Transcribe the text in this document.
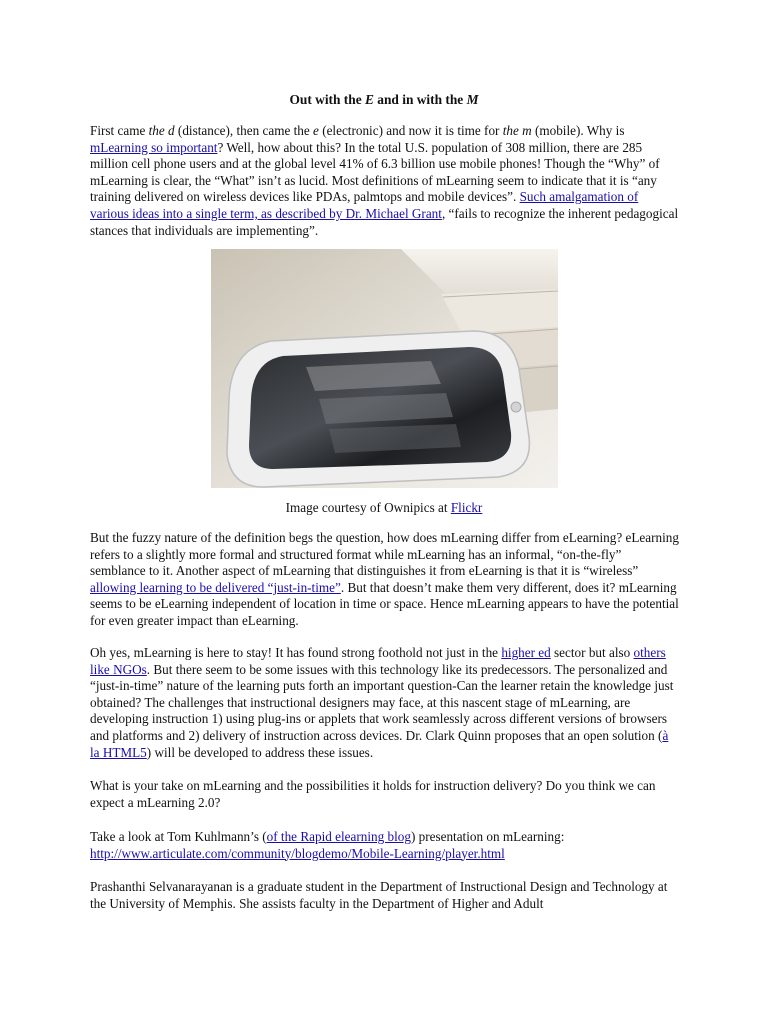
Out with the E and in with the M

First came the d (distance), then came the e (electronic) and now it is time for the m (mobile). Why is mLearning so important? Well, how about this? In the total U.S. population of 308 million, there are 285 million cell phone users and at the global level 41% of 6.3 billion use mobile phones! Though the “Why” of mLearning is clear, the “What” isn’t as lucid. Most definitions of mLearning seem to indicate that it is “any training delivered on wireless devices like PDAs, palmtops and mobile devices”. Such amalgamation of various ideas into a single term, as described by Dr. Michael Grant, “fails to recognize the inherent pedagogical stances that individuals are implementing”.

Image courtesy of Ownipics at Flickr

But the fuzzy nature of the definition begs the question, how does mLearning differ from eLearning? eLearning refers to a slightly more formal and structured format while mLearning has an informal, “on-the-fly” semblance to it. Another aspect of mLearning that distinguishes it from eLearning is that it is “wireless” allowing learning to be delivered “just-in-time”. But that doesn’t make them very different, does it? mLearning seems to be eLearning independent of location in time or space. Hence mLearning appears to have the potential for even greater impact than eLearning.

Oh yes, mLearning is here to stay! It has found strong foothold not just in the higher ed sector but also others like NGOs. But there seem to be some issues with this technology like its predecessors. The personalized and “just-in-time” nature of the learning puts forth an important question-Can the learner retain the knowledge just obtained? The challenges that instructional designers may face, at this nascent stage of mLearning, are developing instruction 1) using plug-ins or applets that work seamlessly across different versions of browsers and platforms and 2) delivery of instruction across devices. Dr. Clark Quinn proposes that an open solution (à la HTML5) will be developed to address these issues.

What is your take on mLearning and the possibilities it holds for instruction delivery? Do you think we can expect a mLearning 2.0?

Take a look at Tom Kuhlmann’s (of the Rapid elearning blog) presentation on mLearning:
http://www.articulate.com/community/blogdemo/Mobile-Learning/player.html

Prashanthi Selvanarayanan is a graduate student in the Department of Instructional Design and Technology at the University of Memphis. She assists faculty in the Department of Higher and Adult
